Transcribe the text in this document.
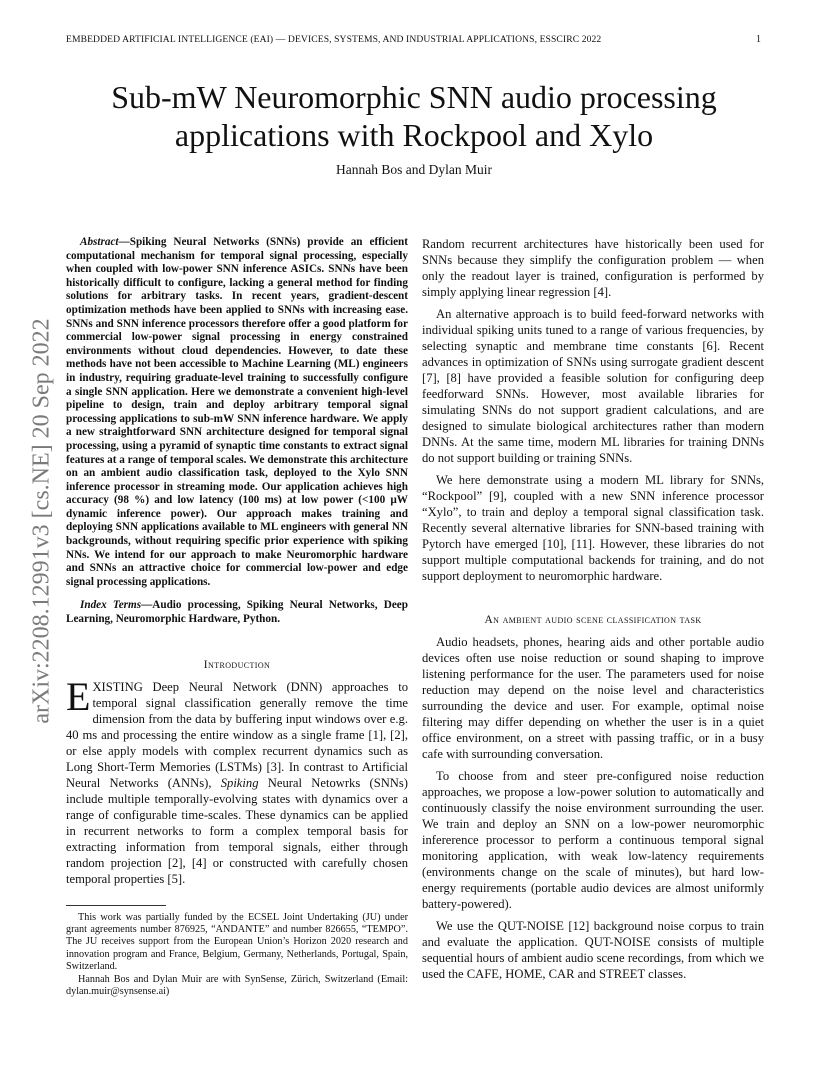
EMBEDDED ARTIFICIAL INTELLIGENCE (EAI) — DEVICES, SYSTEMS, AND INDUSTRIAL APPLICATIONS, ESSCIRC 2022	1
arXiv:2208.12991v3 [cs.NE] 20 Sep 2022
Sub-mW Neuromorphic SNN audio processing applications with Rockpool and Xylo
Hannah Bos and Dylan Muir

Abstract—Spiking Neural Networks (SNNs) provide an efficient computational mechanism for temporal signal processing, especially when coupled with low-power SNN inference ASICs. SNNs have been historically difficult to configure, lacking a general method for finding solutions for arbitrary tasks. In recent years, gradient-descent optimization methods have been applied to SNNs with increasing ease. SNNs and SNN inference processors therefore offer a good platform for commercial low-power signal processing in energy constrained environments without cloud dependencies. However, to date these methods have not been accessible to Machine Learning (ML) engineers in industry, requiring graduate-level training to successfully configure a single SNN application. Here we demonstrate a convenient high-level pipeline to design, train and deploy arbitrary temporal signal processing applications to sub-mW SNN inference hardware. We apply a new straightforward SNN architecture designed for temporal signal processing, using a pyramid of synaptic time constants to extract signal features at a range of temporal scales. We demonstrate this architecture on an ambient audio classification task, deployed to the Xylo SNN inference processor in streaming mode. Our application achieves high accuracy (98 %) and low latency (100 ms) at low power (<100 µW dynamic inference power). Our approach makes training and deploying SNN applications available to ML engineers with general NN backgrounds, without requiring specific prior experience with spiking NNs. We intend for our approach to make Neuromorphic hardware and SNNs an attractive choice for commercial low-power and edge signal processing applications.

Index Terms—Audio processing, Spiking Neural Networks, Deep Learning, Neuromorphic Hardware, Python.

Introduction

EXISTING Deep Neural Network (DNN) approaches to temporal signal classification generally remove the time dimension from the data by buffering input windows over e.g. 40 ms and processing the entire window as a single frame [1], [2], or else apply models with complex recurrent dynamics such as Long Short-Term Memories (LSTMs) [3]. In contrast to Artificial Neural Networks (ANNs), Spiking Neural Netowrks (SNNs) include multiple temporally-evolving states with dynamics over a range of configurable time-scales. These dynamics can be applied in recurrent networks to form a complex temporal basis for extracting information from temporal signals, either through random projection [2], [4] or constructed with carefully chosen temporal properties [5].

This work was partially funded by the ECSEL Joint Undertaking (JU) under grant agreements number 876925, “ANDANTE” and number 826655, “TEMPO”. The JU receives support from the European Union’s Horizon 2020 research and innovation program and France, Belgium, Germany, Netherlands, Portugal, Spain, Switzerland.

Hannah Bos and Dylan Muir are with SynSense, Zürich, Switzerland (Email: dylan.muir@synsense.ai)

Random recurrent architectures have historically been used for SNNs because they simplify the configuration problem — when only the readout layer is trained, configuration is performed by simply applying linear regression [4].

An alternative approach is to build feed-forward networks with individual spiking units tuned to a range of various frequencies, by selecting synaptic and membrane time constants [6]. Recent advances in optimization of SNNs using surrogate gradient descent [7], [8] have provided a feasible solution for configuring deep feedforward SNNs. However, most available libraries for simulating SNNs do not support gradient calculations, and are designed to simulate biological architectures rather than modern DNNs. At the same time, modern ML libraries for training DNNs do not support building or training SNNs.

We here demonstrate using a modern ML library for SNNs, “Rockpool” [9], coupled with a new SNN inference processor “Xylo”, to train and deploy a temporal signal classification task. Recently several alternative libraries for SNN-based training with Pytorch have emerged [10], [11]. However, these libraries do not support multiple computational backends for training, and do not support deployment to neuromorphic hardware.

An ambient audio scene classification task

Audio headsets, phones, hearing aids and other portable audio devices often use noise reduction or sound shaping to improve listening performance for the user. The parameters used for noise reduction may depend on the noise level and characteristics surrounding the device and user. For example, optimal noise filtering may differ depending on whether the user is in a quiet office environment, on a street with passing traffic, or in a busy cafe with surrounding conversation.

To choose from and steer pre-configured noise reduction approaches, we propose a low-power solution to automatically and continuously classify the noise environment surrounding the user. We train and deploy an SNN on a low-power neuromorphic infererence processor to perform a continuous temporal signal monitoring application, with weak low-latency requirements (environments change on the scale of minutes), but hard low-energy requirements (portable audio devices are almost uniformly battery-powered).

We use the QUT-NOISE [12] background noise corpus to train and evaluate the application. QUT-NOISE consists of multiple sequential hours of ambient audio scene recordings, from which we used the CAFE, HOME, CAR and STREET classes.
